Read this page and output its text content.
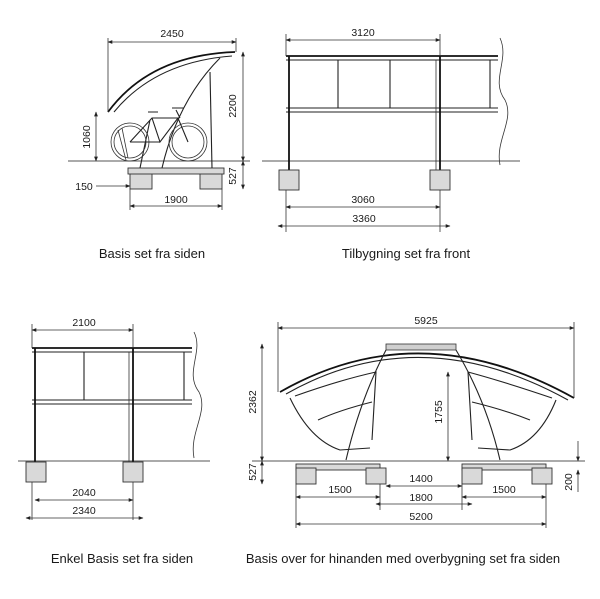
2450
2200
1060
527
150
1900
Basis set fra siden
3120
3060
3360
Tilbygning set fra front
2100
2040
2340
Enkel Basis set fra siden
5925
2362	1755
527
200
1400
1500	1500
1800
5200
Basis over for hinanden med overbygning set fra siden
